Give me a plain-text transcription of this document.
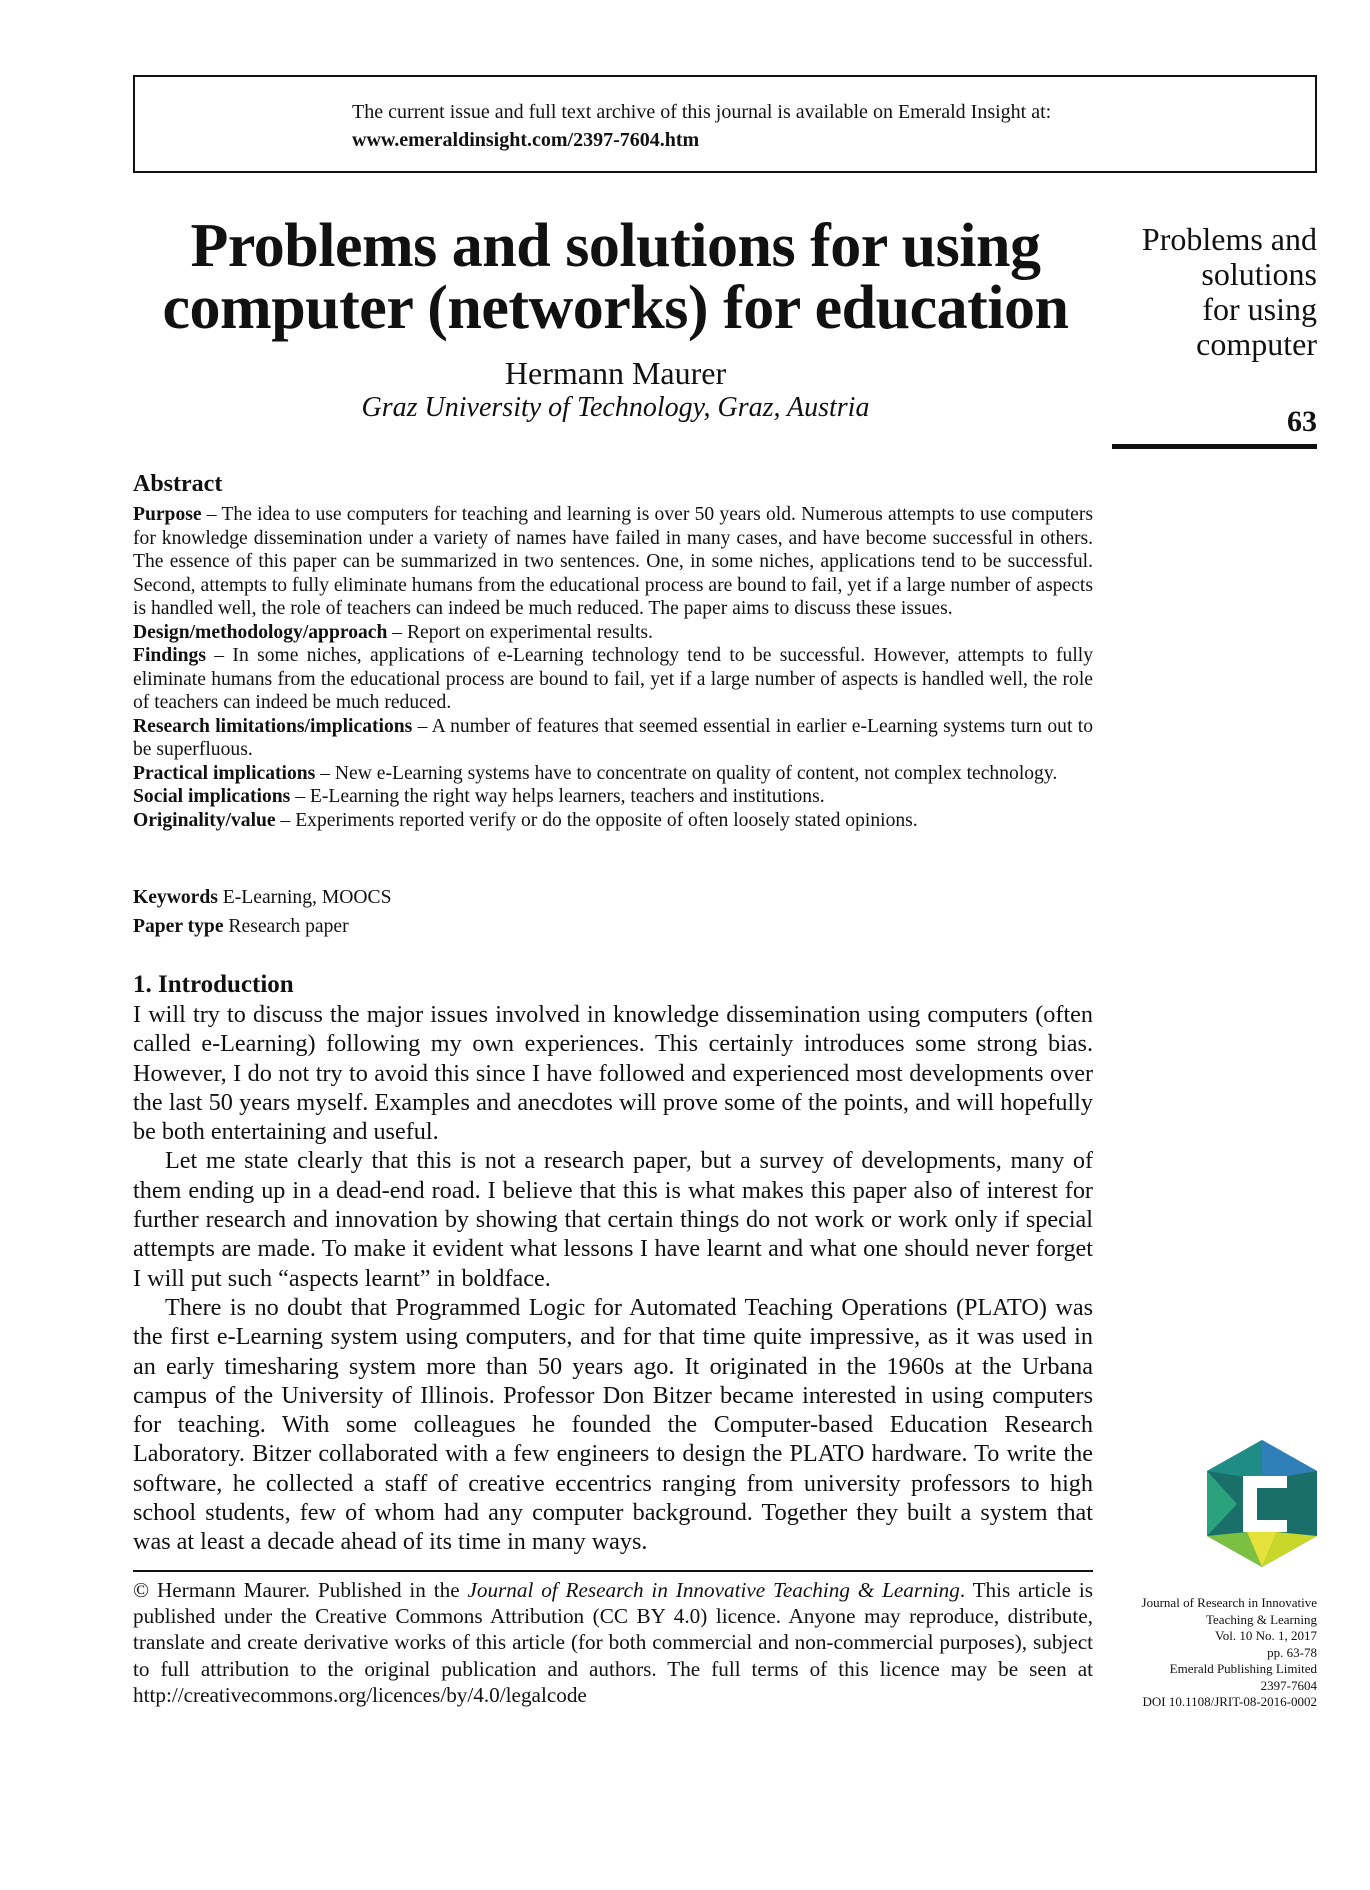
The current issue and full text archive of this journal is available on Emerald Insight at:
www.emeraldinsight.com/2397-7604.htm
Problems and solutions for using
computer (networks) for education
Hermann Maurer
Graz University of Technology, Graz, Austria
Problems and
solutions
for using
computer
63
Abstract

Purpose – The idea to use computers for teaching and learning is over 50 years old. Numerous attempts to use computers for knowledge dissemination under a variety of names have failed in many cases, and have become successful in others. The essence of this paper can be summarized in two sentences. One, in some niches, applications tend to be successful. Second, attempts to fully eliminate humans from the educational process are bound to fail, yet if a large number of aspects is handled well, the role of teachers can indeed be much reduced. The paper aims to discuss these issues.

Design/methodology/approach – Report on experimental results.

Findings – In some niches, applications of e-Learning technology tend to be successful. However, attempts to fully eliminate humans from the educational process are bound to fail, yet if a large number of aspects is handled well, the role of teachers can indeed be much reduced.

Research limitations/implications – A number of features that seemed essential in earlier e-Learning systems turn out to be superfluous.

Practical implications – New e-Learning systems have to concentrate on quality of content, not complex technology.

Social implications – E-Learning the right way helps learners, teachers and institutions.

Originality/value – Experiments reported verify or do the opposite of often loosely stated opinions.

Keywords E-Learning, MOOCS
Paper type Research paper
1. Introduction

I will try to discuss the major issues involved in knowledge dissemination using computers (often called e-Learning) following my own experiences. This certainly introduces some strong bias. However, I do not try to avoid this since I have followed and experienced most developments over the last 50 years myself. Examples and anecdotes will prove some of the points, and will hopefully be both entertaining and useful.

Let me state clearly that this is not a research paper, but a survey of developments, many of them ending up in a dead-end road. I believe that this is what makes this paper also of interest for further research and innovation by showing that certain things do not work or work only if special attempts are made. To make it evident what lessons I have learnt and what one should never forget I will put such “aspects learnt” in boldface.

There is no doubt that Programmed Logic for Automated Teaching Operations (PLATO) was the first e-Learning system using computers, and for that time quite impressive, as it was used in an early timesharing system more than 50 years ago. It originated in the 1960s at the Urbana campus of the University of Illinois. Professor Don Bitzer became interested in using computers for teaching. With some colleagues he founded the Computer-based Education Research Laboratory. Bitzer collaborated with a few engineers to design the PLATO hardware. To write the software, he collected a staff of creative eccentrics ranging from university professors to high school students, few of whom had any computer background. Together they built a system that was at least a decade ahead of its time in many ways.

© Hermann Maurer. Published in the Journal of Research in Innovative Teaching & Learning. This article is published under the Creative Commons Attribution (CC BY 4.0) licence. Anyone may reproduce, distribute, translate and create derivative works of this article (for both commercial and non-commercial purposes), subject to full attribution to the original publication and authors. The full terms of this licence may be seen at http://creativecommons.org/licences/by/4.0/legalcode
Journal of Research in Innovative
Teaching & Learning
Vol. 10 No. 1, 2017
pp. 63-78
Emerald Publishing Limited
2397-7604
DOI 10.1108/JRIT-08-2016-0002
